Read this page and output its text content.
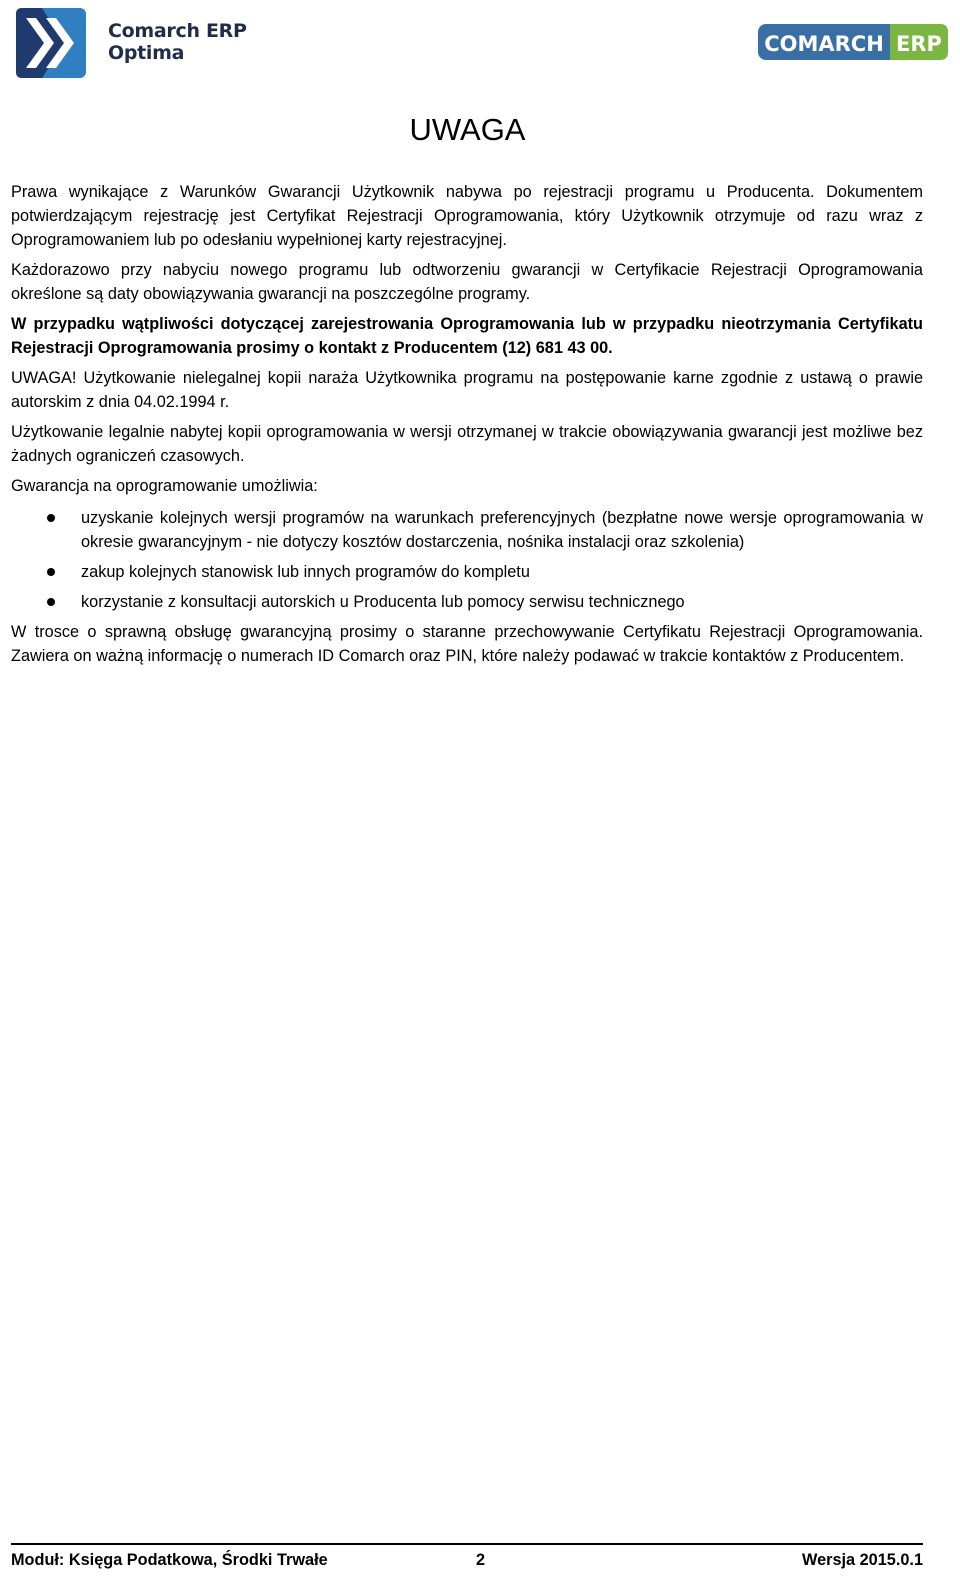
Comarch ERP
Optima	COMARCH ERP
UWAGA

Prawa wynikające z Warunków Gwarancji Użytkownik nabywa po rejestracji programu u Producenta. Dokumentem potwierdzającym rejestrację jest Certyfikat Rejestracji Oprogramowania, który Użytkownik otrzymuje od razu wraz z Oprogramowaniem lub po odesłaniu wypełnionej karty rejestracyjnej.

Każdorazowo przy nabyciu nowego programu lub odtworzeniu gwarancji w Certyfikacie Rejestracji Oprogramowania określone są daty obowiązywania gwarancji na poszczególne programy.

W przypadku wątpliwości dotyczącej zarejestrowania Oprogramowania lub w przypadku nieotrzymania Certyfikatu Rejestracji Oprogramowania prosimy o kontakt z Producentem (12) 681 43 00.

UWAGA! Użytkowanie nielegalnej kopii naraża Użytkownika programu na postępowanie karne zgodnie z ustawą o prawie autorskim z dnia 04.02.1994 r.

Użytkowanie legalnie nabytej kopii oprogramowania w wersji otrzymanej w trakcie obowiązywania gwarancji jest możliwe bez żadnych ograniczeń czasowych.

Gwarancja na oprogramowanie umożliwia:

uzyskanie kolejnych wersji programów na warunkach preferencyjnych (bezpłatne nowe wersje oprogramowania w okresie gwarancyjnym - nie dotyczy kosztów dostarczenia, nośnika instalacji oraz szkolenia)
zakup kolejnych stanowisk lub innych programów do kompletu
korzystanie z konsultacji autorskich u Producenta lub pomocy serwisu technicznego

W trosce o sprawną obsługę gwarancyjną prosimy o staranne przechowywanie Certyfikatu Rejestracji Oprogramowania. Zawiera on ważną informację o numerach ID Comarch oraz PIN, które należy podawać w trakcie kontaktów z Producentem.

Moduł: Księga Podatkowa, Środki Trwałe	2	Wersja 2015.0.1
